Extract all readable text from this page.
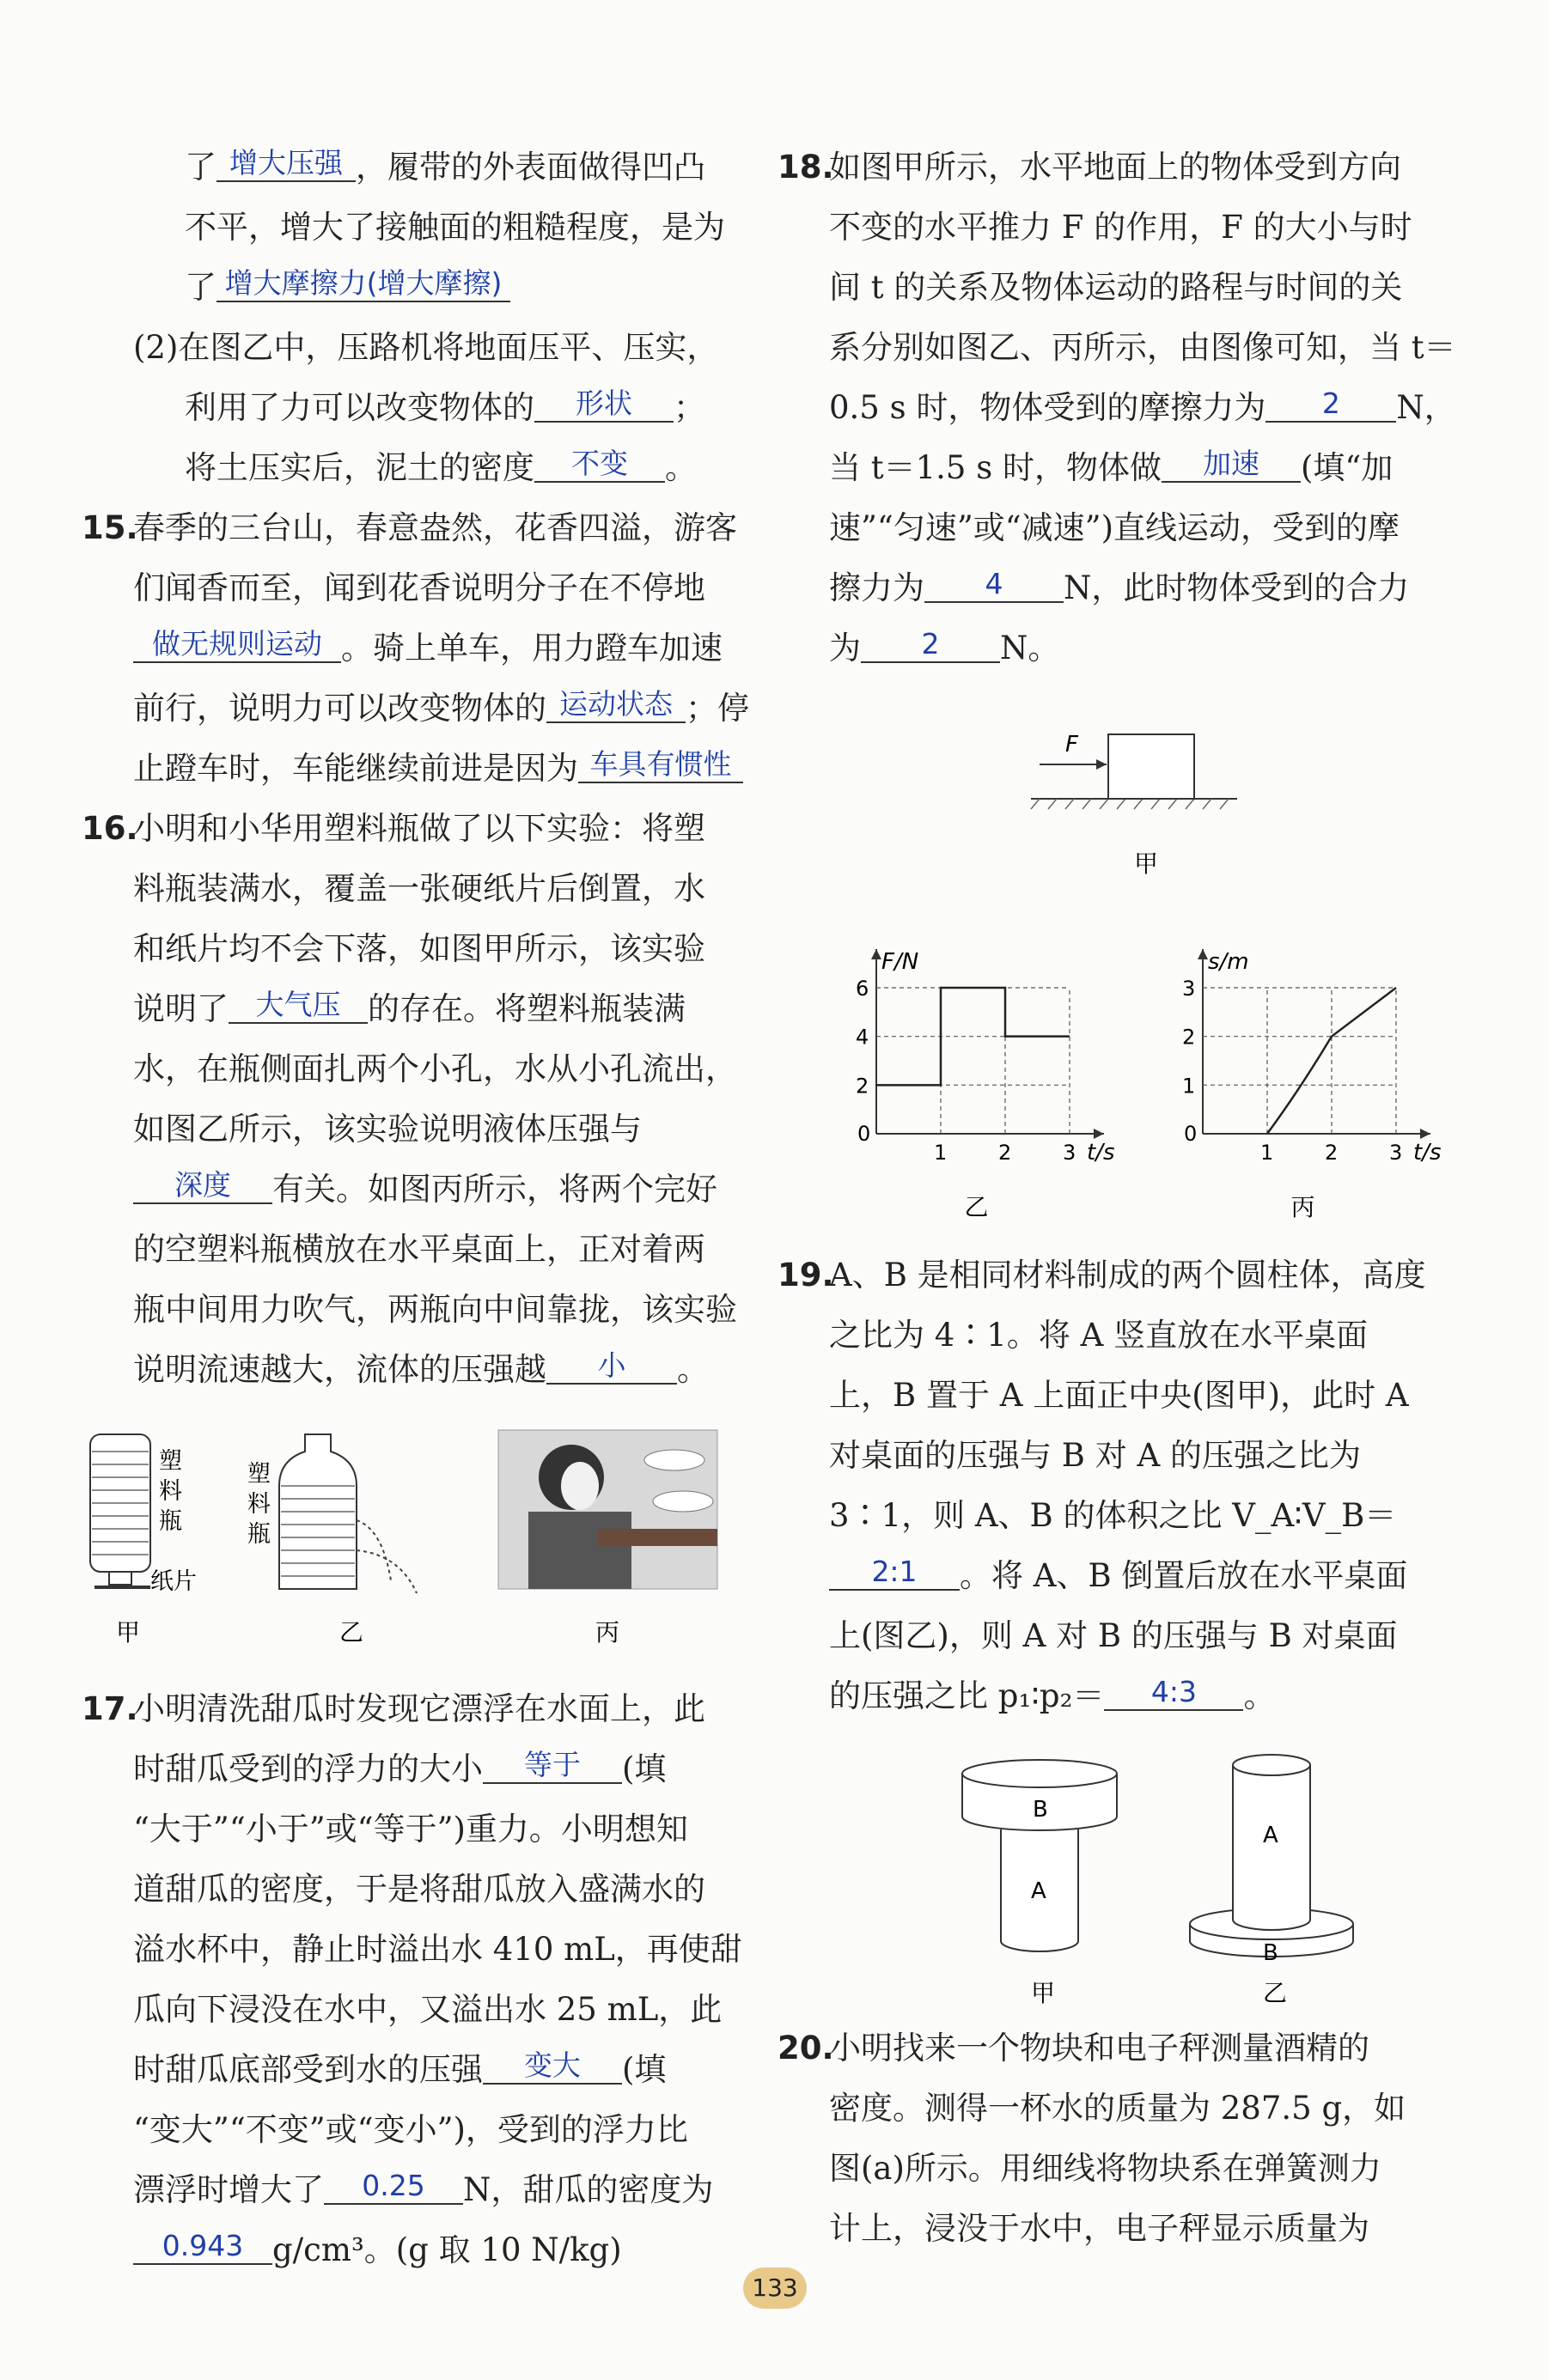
了 增大压强 ，履带的外表面做得凹凸
不平，增大了接触面的粗糙程度，是为
了 增大摩擦力(增大摩擦)
(2)在图乙中，压路机将地面压平、压实，
利用了力可以改变物体的 形状 ；
将土压实后，泥土的密度 不变 。
15.春季的三台山，春意盎然，花香四溢，游客
们闻香而至，闻到花香说明分子在不停地
做无规则运动 。骑上单车，用力蹬车加速
前行，说明力可以改变物体的 运动状态 ；停
止蹬车时，车能继续前进是因为 车具有惯性
16.小明和小华用塑料瓶做了以下实验：将塑
料瓶装满水，覆盖一张硬纸片后倒置，水
和纸片均不会下落，如图甲所示，该实验
说明了 大气压 的存在。将塑料瓶装满
水，在瓶侧面扎两个小孔，水从小孔流出，
如图乙所示，该实验说明液体压强与
深度 有关。如图丙所示，将两个完好
的空塑料瓶横放在水平桌面上，正对着两
瓶中间用力吹气，两瓶向中间靠拢，该实验
说明流速越大，流体的压强越 小 。
塑
料
瓶
纸片
甲
塑
料
瓶
乙	丙
17.小明清洗甜瓜时发现它漂浮在水面上，此
时甜瓜受到的浮力的大小 等于 (填
“大于”“小于”或“等于”)重力。小明想知
道甜瓜的密度，于是将甜瓜放入盛满水的
溢水杯中，静止时溢出水 410 mL，再使甜
瓜向下浸没在水中，又溢出水 25 mL，此
时甜瓜底部受到水的压强 变大 (填
“变大”“不变”或“变小”)，受到的浮力比
漂浮时增大了 0.25 N，甜瓜的密度为
0.943 g/cm³。(g 取 10 N/kg)
18.如图甲所示，水平地面上的物体受到方向
不变的水平推力 F 的作用，F 的大小与时
间 t 的关系及物体运动的路程与时间的关
系分别如图乙、丙所示，由图像可知，当 t＝
0.5 s 时，物体受到的摩擦力为 2 N，
当 t＝1.5 s 时，物体做 加速 (填“加
速”“匀速”或“减速”)直线运动，受到的摩
擦力为 4 N，此时物体受到的合力
为 2 N。
F
甲
0
1 2 3
2
4
6
F/N
t/s
乙
0
1 2 3
1
2
3
s/m
t/s
丙
19.A、B 是相同材料制成的两个圆柱体，高度
之比为 4∶1。将 A 竖直放在水平桌面
上，B 置于 A 上面正中央(图甲)，此时 A
对桌面的压强与 B 对 A 的压强之比为
3∶1，则 A、B 的体积之比 V_A∶V_B＝
2:1 。将 A、B 倒置后放在水平桌面
上(图乙)，则 A 对 B 的压强与 B 对桌面
的压强之比 p₁∶p₂＝ 4:3 。
B
A
A
B
甲	乙
20.小明找来一个物块和电子秤测量酒精的
密度。测得一杯水的质量为 287.5 g，如
图(a)所示。用细线将物块系在弹簧测力
计上，浸没于水中，电子秤显示质量为
133
